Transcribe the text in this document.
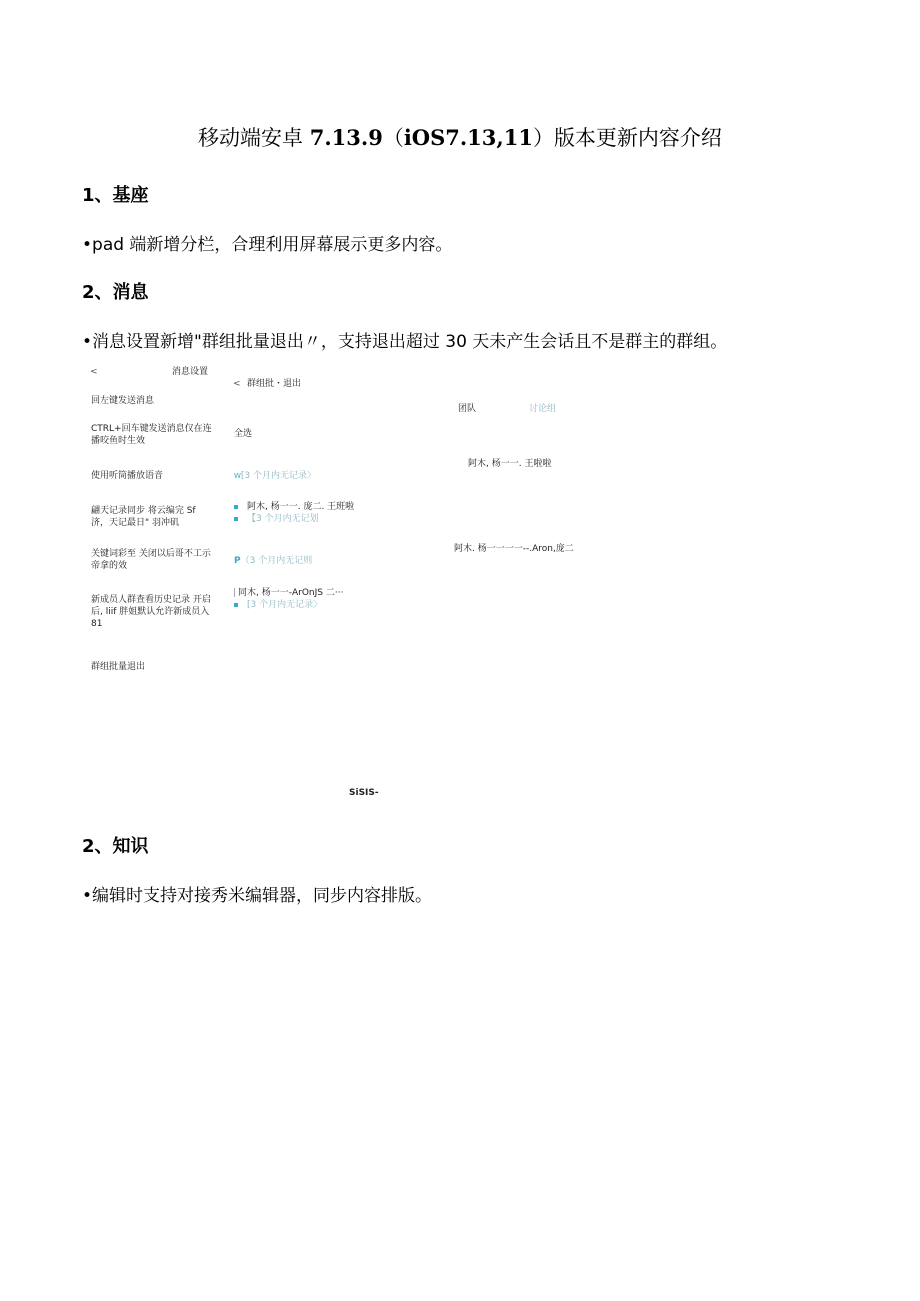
移动端安卓 7.13.9（iOS7.13,11）版本更新内容介绍
1、基座
•pad 端新增分栏，合理利用屏幕展示更多内容。
2、消息
•消息设置新增"群组批量退出〃，支持退出超过 30 天未产生会话且不是群主的群组。
<	消息设置
回左键发送消息
CTRL+回车键发送消息仅在连播咬鱼时生效
使用听筒播放语音
翩天记录同步 将云编完 Sf 济，天记最日" 羽冲矶
关键词彩至 关闭以后哥不工示帝拿的效
新成员人群查看历史记录 开启后, liif 胖姐默认允许新成员入 81
群组批量退出
< 群组批・退出
全选
$^W$[3 个月内无记录〉
阿木, 杨一一. 庞二. 王班啦
【3 个月内无记划
P（3 个月内无记则
同木, 杨一一-ArOnJS 二···
[3 个月内无记录〉
团队	讨论组
阿木, 杨一一. 王啦啦
阿木. 杨一一一一--.Aron,庞二
SiSIS-
2、知识
•编辑时支持对接秀米编辑器，同步内容排版。
